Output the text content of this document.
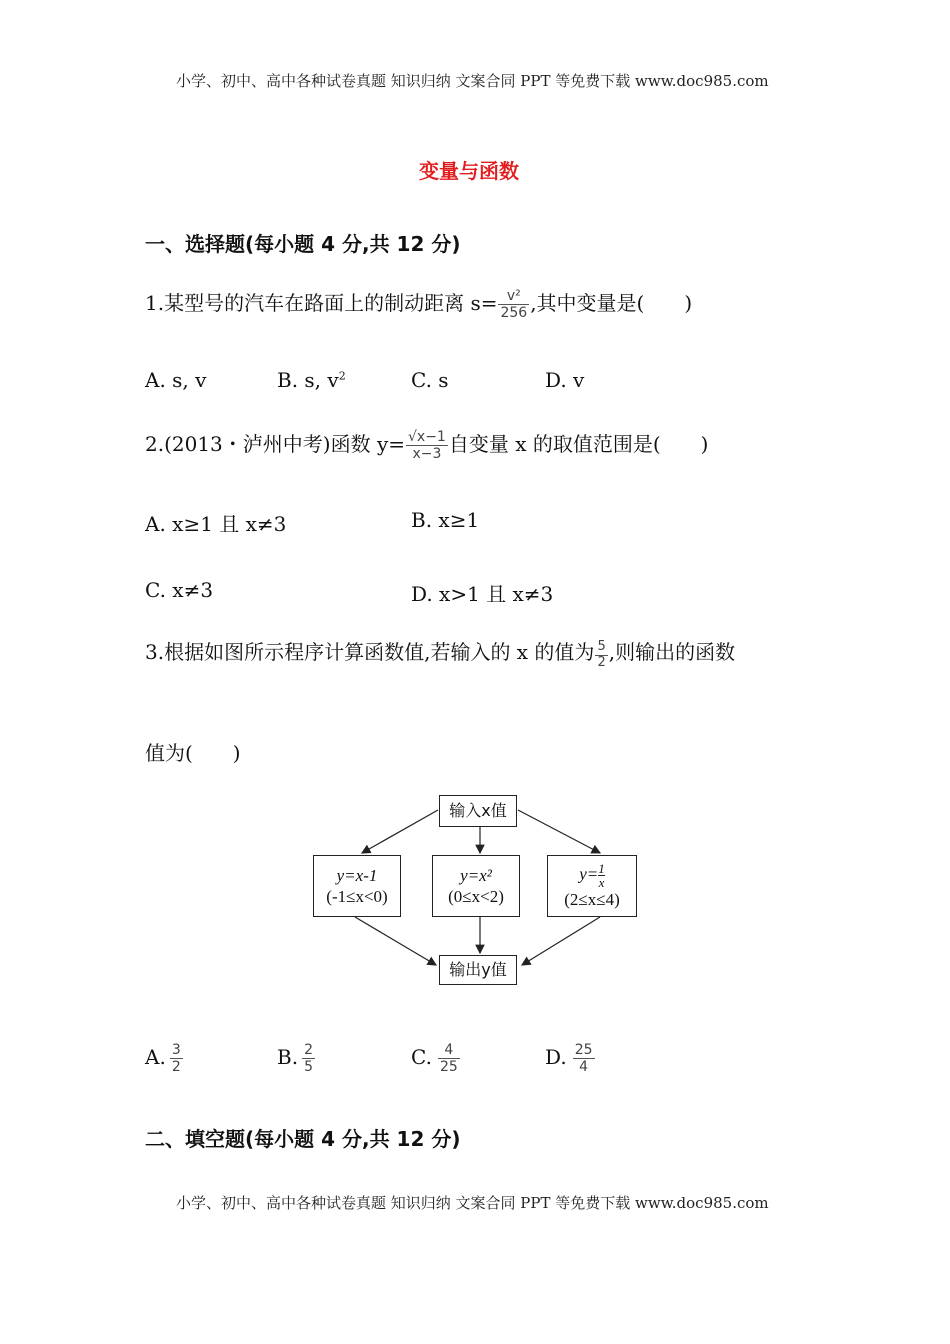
小学、初中、高中各种试卷真题 知识归纳 文案合同 PPT 等免费下载 www.doc985.com
变量与函数
一、选择题(每小题 4 分,共 12 分)
1.某型号的汽车在路面上的制动距离 $s= \frac{\text{v²}}{256}$ ,其中变量是(　　)
A. s, v	B. s, $v^2$	C. s	D. v
2.(2013・泸州中考)函数 $y= \frac{√x-1}{x-3}$ 自变量 x 的取值范围是(　　)
A. x≥1 且 x≠3	B. x≥1
C. x≠3	D. x>1 且 x≠3
3.根据如图所示程序计算函数值,若输入的 x 的值为 $\frac{5}{2}$ ,则输出的函数
值为(　　)
输入x值
y=x-1
(-1≤x<0)
y=x²
(0≤x<2)
$y= \frac{1}{x}$
(2≤x≤4)
输出y值
A. $\frac{3}{2}$	B. $\frac{2}{5}$	C. $\frac{4}{25}$	D. $\frac{25}{4}$
二、填空题(每小题 4 分,共 12 分)
小学、初中、高中各种试卷真题 知识归纳 文案合同 PPT 等免费下载 www.doc985.com
